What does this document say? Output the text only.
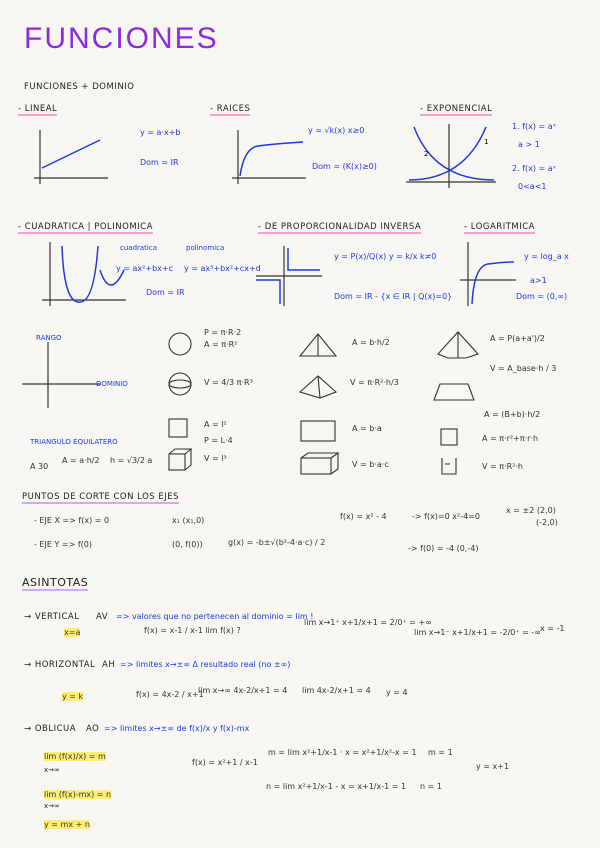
FUNCIONES
FUNCIONES + DOMINIO
- LINEAL
y = a·x+b
Dom = IR
- RAICES
y = √k(x) x≥0
Dom = (K(x)≥0)
- EXPONENCIAL
2
1
1. f(x) = aˣ
a > 1
2. f(x) = aˣ
0<a<1
- CUADRATICA | POLINOMICA
cuadratica	polinomica
y = ax²+bx+c y = ax³+bx²+cx+d
Dom = IR
- DE PROPORCIONALIDAD INVERSA
y = P(x)/Q(x) y = k/x k≠0
Dom = IR - {x ∈ IR | Q(x)=0}
- LOGARITMICA
y = log_a x
a>1
Dom = (0,∞)
RANGO
DOMINIO
P = π·R·2
A = π·R²
V = 4/3 π·R³
A = l²
P = L·4
V = l³
A = b·h/2
V = π·R²·h/3
A = b·a
V = b·a·c
A = P(a+a')/2
V = A_base·h / 3
A = (B+b)·h/2
A = π·r²+π·r·h
V = π·R²·h
TRIANGULO EQUILATERO
A 30
A = a·h/2 h = √3/2 a
PUNTOS DE CORTE CON LOS EJES
- EJE X => f(x) = 0	x₁ (x₁,0)
- EJE Y => f(0)	(0, f(0))	g(x) = -b±√(b²-4·a·c) / 2
f(x) = x² - 4	-> f(x)=0 x²-4=0
x = ±2 (2,0)
(-2,0)
-> f(0) = -4 (0,-4)
ASINTOTAS
→ VERTICAL AV => valores que no pertenecen al dominio = lim !
x=a	f(x) = x-1 / x-1 lim f(x) ?
lim x→1⁺ x+1/x+1 = 2/0⁺ = +∞
lim x→1⁻ x+1/x+1 = -2/0⁺ = -∞ x = -1
→ HORIZONTAL AH => limites x→±∞ Δ resultado real (no ±∞)
y = k	f(x) = 4x-2 / x+1
lim x→∞ 4x-2/x+1 = 4 lim 4x-2/x+1 = 4 y = 4
→ OBLICUA AO => limites x→±∞ de f(x)/x y f(x)-mx
lim (f(x)/x) = m
x→∞
lim (f(x)-mx) = n
x→∞
y = mx + n
f(x) = x²+1 / x-1
m = lim x²+1/x-1 · x = x²+1/x²-x = 1 m = 1
n = lim x²+1/x-1 - x = x+1/x-1 = 1 n = 1
y = x+1
